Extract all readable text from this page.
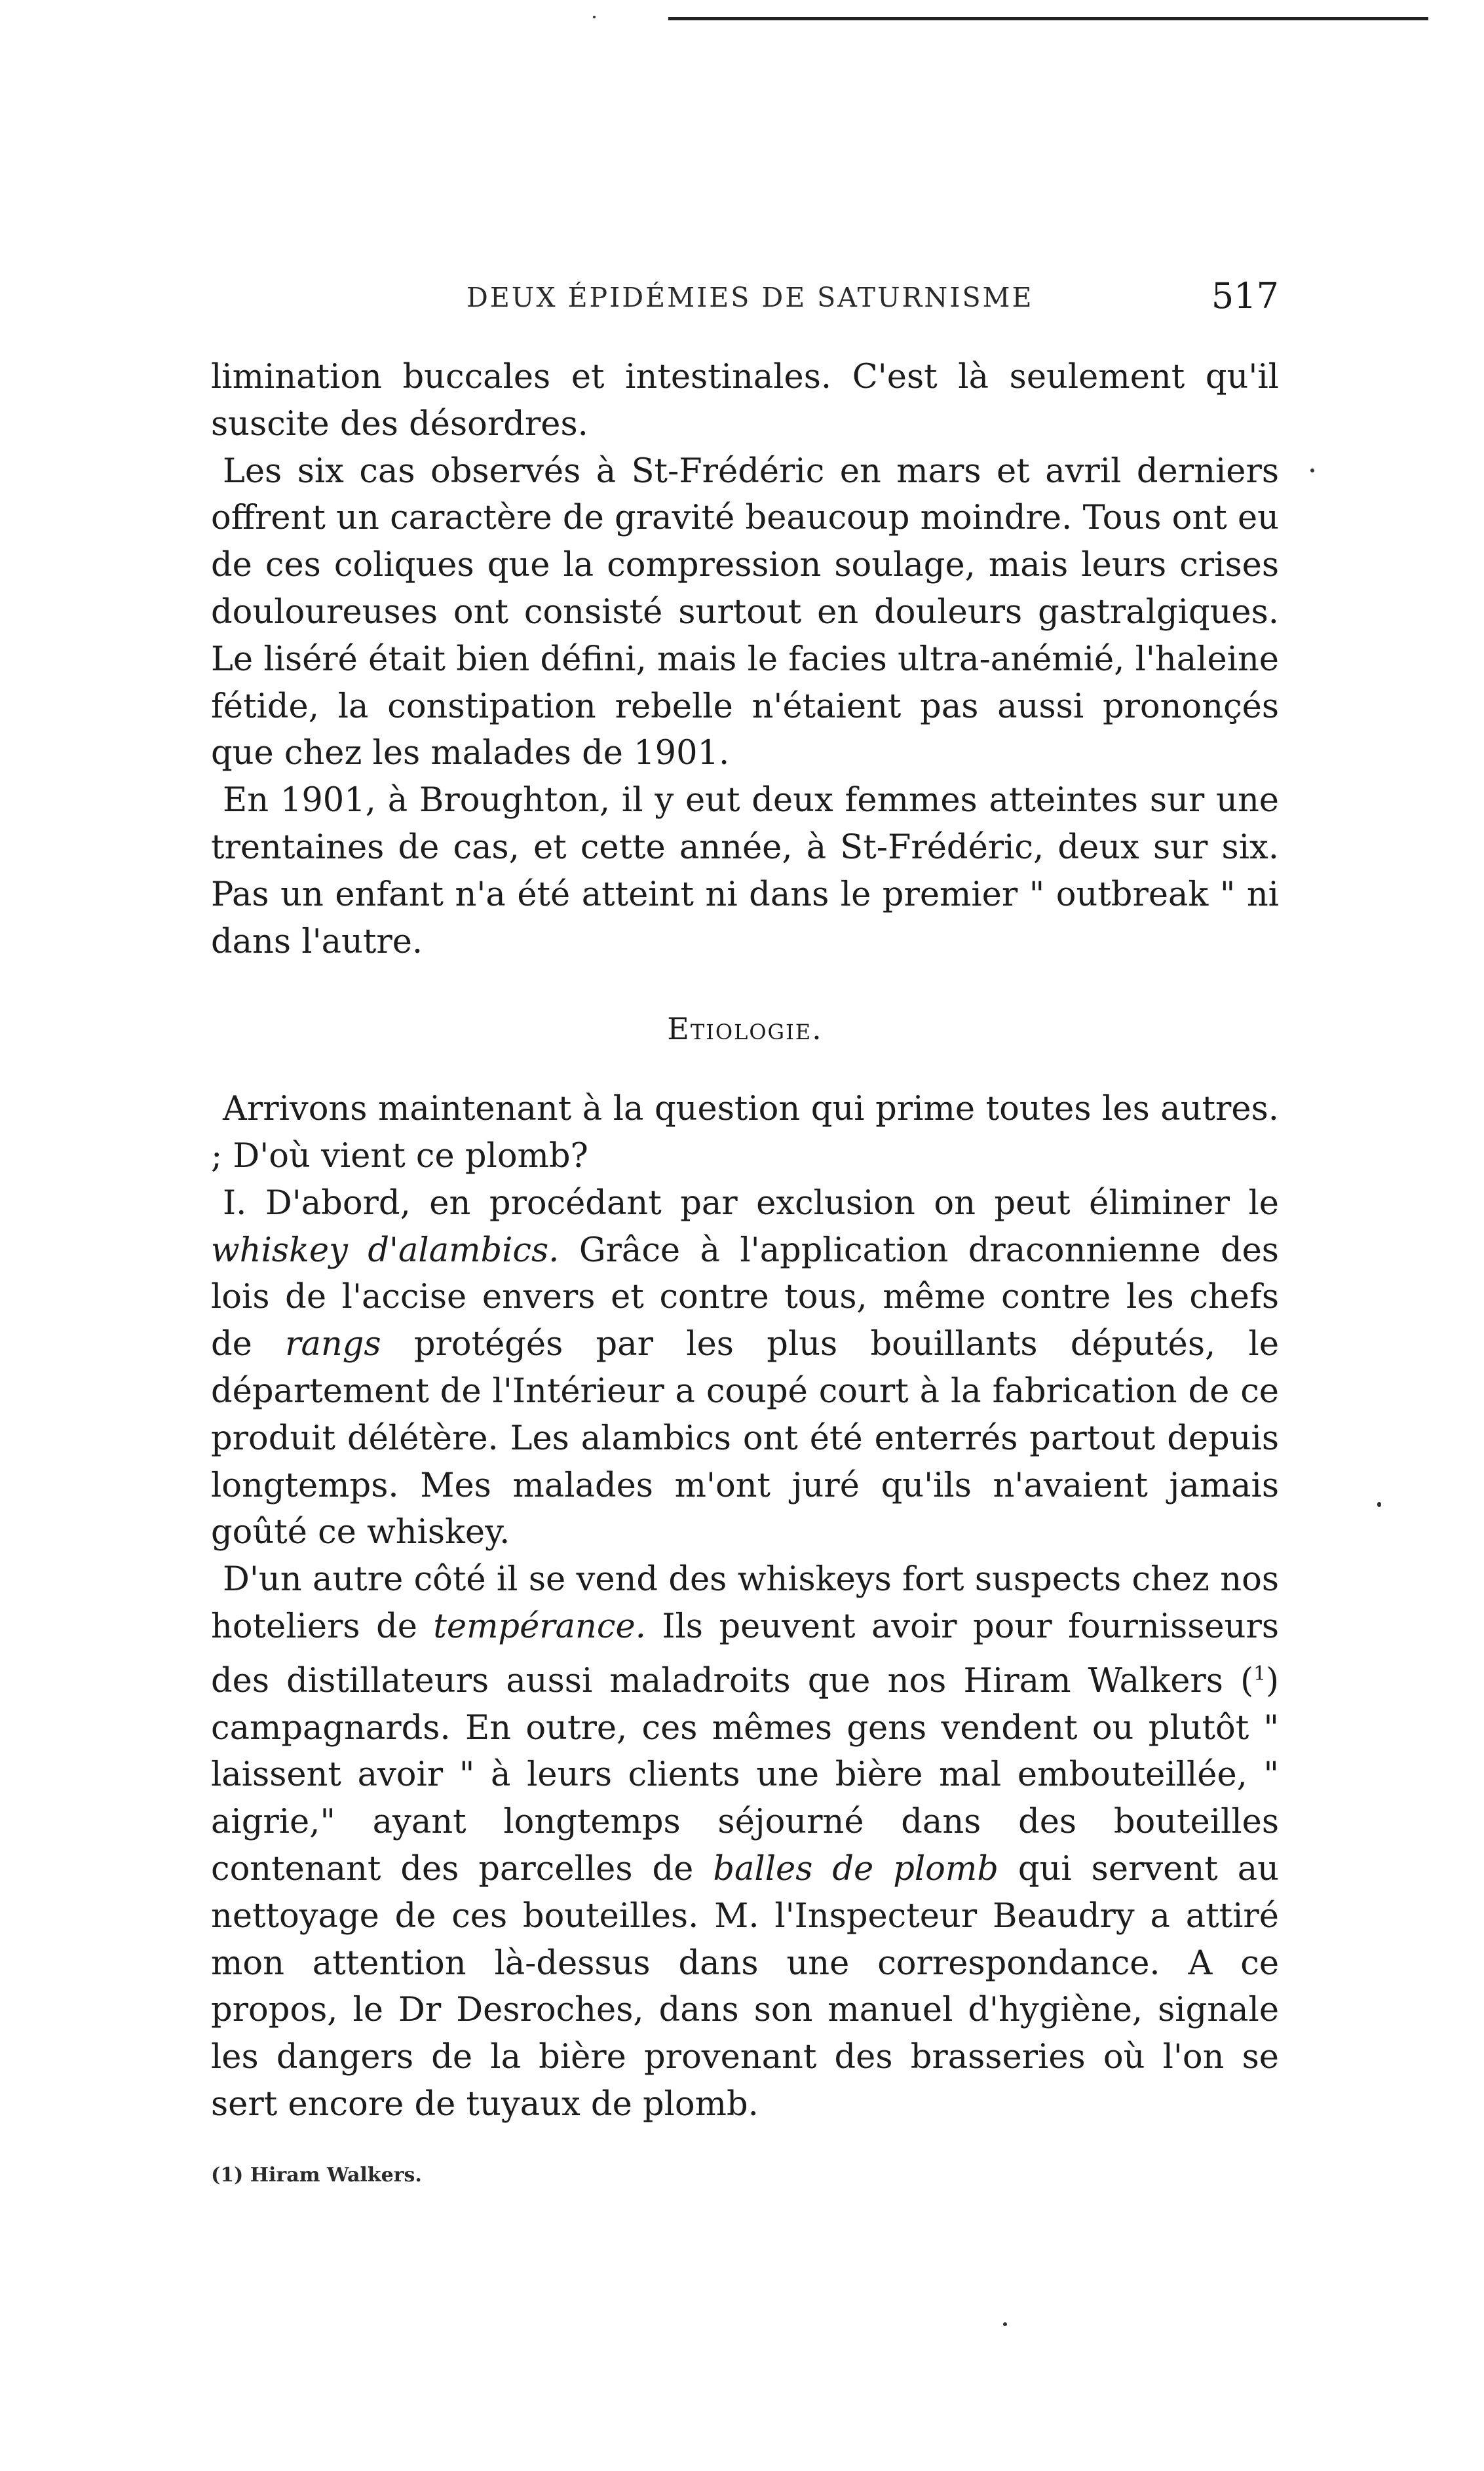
DEUX ÉPIDÉMIES DE SATURNISME	517

limination buccales et intestinales. C'est là seulement qu'il suscite des désordres.

Les six cas observés à St-Frédéric en mars et avril derniers offrent un caractère de gravité beaucoup moindre. Tous ont eu de ces coliques que la compression soulage, mais leurs crises douloureuses ont consisté surtout en douleurs gastralgiques. Le liséré était bien défini, mais le facies ultra-anémié, l'haleine fétide, la constipation rebelle n'étaient pas aussi prononçés que chez les malades de 1901.

En 1901, à Broughton, il y eut deux femmes atteintes sur une trentaines de cas, et cette année, à St-Frédéric, deux sur six. Pas un enfant n'a été atteint ni dans le premier " outbreak " ni dans l'autre.

Etiologie.

Arrivons maintenant à la question qui prime toutes les autres. ; D'où vient ce plomb?

I. D'abord, en procédant par exclusion on peut éliminer le whiskey d'alambics. Grâce à l'application draconnienne des lois de l'accise envers et contre tous, même contre les chefs de rangs protégés par les plus bouillants députés, le département de l'Intérieur a coupé court à la fabrication de ce produit délétère. Les alambics ont été enterrés partout depuis longtemps. Mes malades m'ont juré qu'ils n'avaient jamais goûté ce whiskey.

D'un autre côté il se vend des whiskeys fort suspects chez nos hoteliers de tempérance. Ils peuvent avoir pour fournisseurs des distillateurs aussi maladroits que nos Hiram Walkers ($^1$) campagnards. En outre, ces mêmes gens vendent ou plutôt " laissent avoir " à leurs clients une bière mal embouteillée, " aigrie," ayant longtemps séjourné dans des bouteilles contenant des parcelles de balles de plomb qui servent au nettoyage de ces bouteilles. M. l'Inspecteur Beaudry a attiré mon attention là-dessus dans une correspondance. A ce propos, le Dr Desroches, dans son manuel d'hygiène, signale les dangers de la bière provenant des brasseries où l'on se sert encore de tuyaux de plomb.

(1) Hiram Walkers.
